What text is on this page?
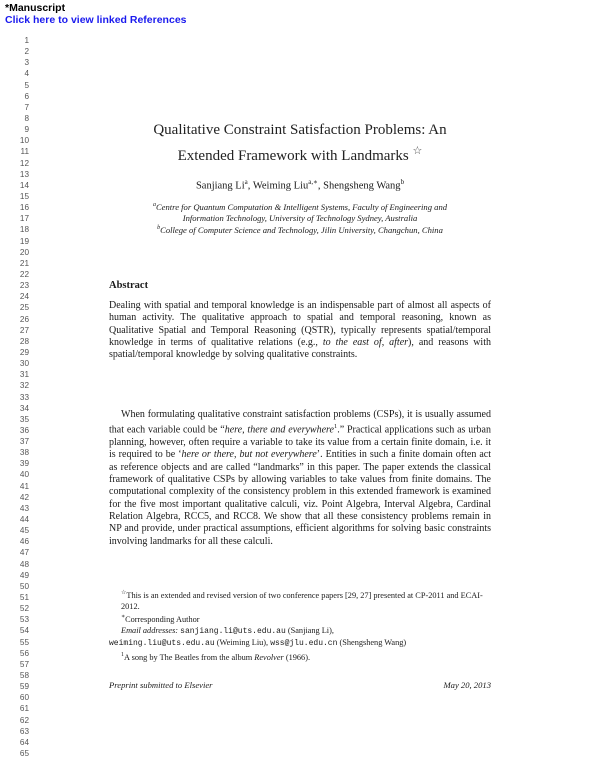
*Manuscript
Click here to view linked References
1
2
3
4
5
6
7
8
9
10
11
12
13
14
15
16
17
18
19
20
21
22
23
24
25
26
27
28
29
30
31
32
33
34
35
36
37
38
39
40
41
42
43
44
45
46
47
48
49
50
51
52
53
54
55
56
57
58
59
60
61
62
63
64
65
Qualitative Constraint Satisfaction Problems: An
Extended Framework with Landmarks ☆
Sanjiang Li$^a$, Weiming Liu$^{a,∗}$, Shengsheng Wang$^b$
$^a$Centre for Quantum Computation & Intelligent Systems, Faculty of Engineering and
Information Technology, University of Technology Sydney, Australia
$^b$College of Computer Science and Technology, Jilin University, Changchun, China
Abstract
Dealing with spatial and temporal knowledge is an indispensable part of almost all aspects of human activity. The qualitative approach to spatial and temporal reasoning, known as Qualitative Spatial and Temporal Reasoning (QSTR), typically represents spatial/temporal knowledge in terms of qualitative relations (e.g., to the east of, after), and reasons with spatial/temporal knowledge by solving qualitative constraints.
When formulating qualitative constraint satisfaction problems (CSPs), it is usually assumed that each variable could be “here, there and everywhere$^1$.” Practical applications such as urban planning, however, often require a variable to take its value from a certain finite domain, i.e. it is required to be ‘here or there, but not everywhere’. Entities in such a finite domain often act as reference objects and are called “landmarks” in this paper. The paper extends the classical framework of qualitative CSPs by allowing variables to take values from finite domains. The computational complexity of the consistency problem in this extended framework is examined for the five most important qualitative calculi, viz. Point Algebra, Interval Algebra, Cardinal Relation Algebra, RCC5, and RCC8. We show that all these consistency problems remain in NP and provide, under practical assumptions, efficient algorithms for solving basic constraints involving landmarks for all these calculi.
☆This is an extended and revised version of two conference papers [29, 27] presented at CP-2011 and ECAI-2012.
∗Corresponding Author
Email addresses: sanjiang.li@uts.edu.au (Sanjiang Li),
weiming.liu@uts.edu.au (Weiming Liu), wss@jlu.edu.cn (Shengsheng Wang)
$^1$A song by The Beatles from the album Revolver (1966).
Preprint submitted to Elsevier	May 20, 2013
